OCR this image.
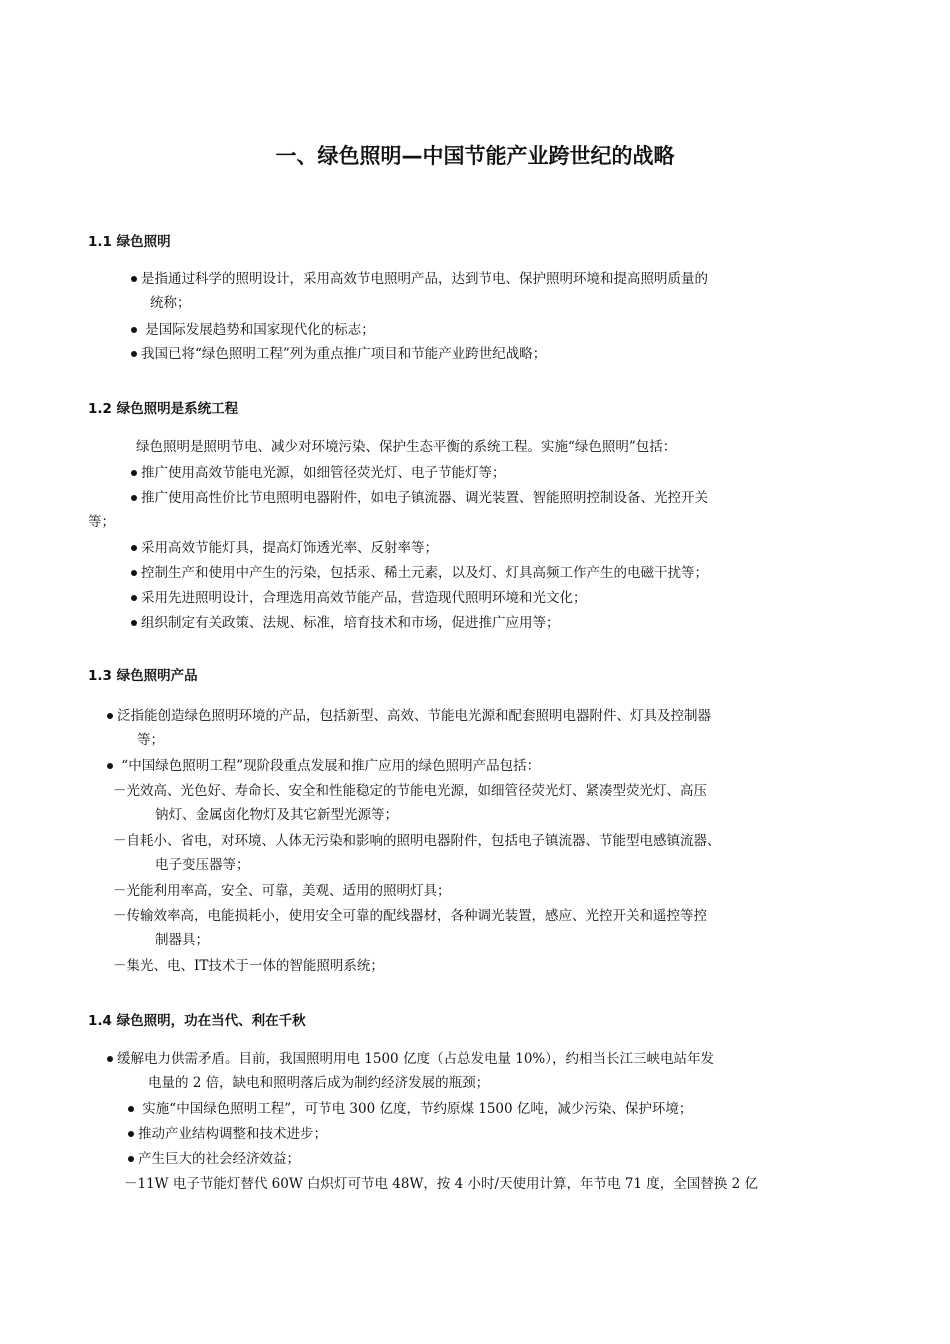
一、绿色照明—中国节能产业跨世纪的战略
1.1 绿色照明

是指通过科学的照明设计，采用高效节电照明产品，达到节电、保护照明环境和提高照明质量的

统称；

是国际发展趋势和国家现代化的标志；

我国已将“绿色照明工程”列为重点推广项目和节能产业跨世纪战略；

1.2 绿色照明是系统工程

绿色照明是照明节电、减少对环境污染、保护生态平衡的系统工程。实施“绿色照明”包括：

推广使用高效节能电光源，如细管径荧光灯、电子节能灯等；

推广使用高性价比节电照明电器附件，如电子镇流器、调光装置、智能照明控制设备、光控开关

等；

采用高效节能灯具，提高灯饰透光率、反射率等；

控制生产和使用中产生的污染，包括汞、稀土元素，以及灯、灯具高频工作产生的电磁干扰等；

采用先进照明设计，合理选用高效节能产品，营造现代照明环境和光文化；

组织制定有关政策、法规、标准，培育技术和市场，促进推广应用等；

1.3 绿色照明产品

泛指能创造绿色照明环境的产品，包括新型、高效、节能电光源和配套照明电器附件、灯具及控制器

等；

“中国绿色照明工程”现阶段重点发展和推广应用的绿色照明产品包括：

－光效高、光色好、寿命长、安全和性能稳定的节能电光源，如细管径荧光灯、紧凑型荧光灯、高压

钠灯、金属卤化物灯及其它新型光源等；

－自耗小、省电，对环境、人体无污染和影响的照明电器附件，包括电子镇流器、节能型电感镇流器、

电子变压器等；

－光能利用率高，安全、可靠，美观、适用的照明灯具；

－传输效率高，电能损耗小，使用安全可靠的配线器材，各种调光装置，感应、光控开关和遥控等控

制器具；

－集光、电、IT技术于一体的智能照明系统；

1.4 绿色照明，功在当代、利在千秋

缓解电力供需矛盾。目前，我国照明用电 1500 亿度（占总发电量 10%），约相当长江三峡电站年发

电量的 2 倍，缺电和照明落后成为制约经济发展的瓶颈；

实施“中国绿色照明工程”，可节电 300 亿度，节约原煤 1500 亿吨，减少污染、保护环境；

推动产业结构调整和技术进步；

产生巨大的社会经济效益；

－11W 电子节能灯替代 60W 白炽灯可节电 48W，按 4 小时/天使用计算，年节电 71 度，全国替换 2 亿
